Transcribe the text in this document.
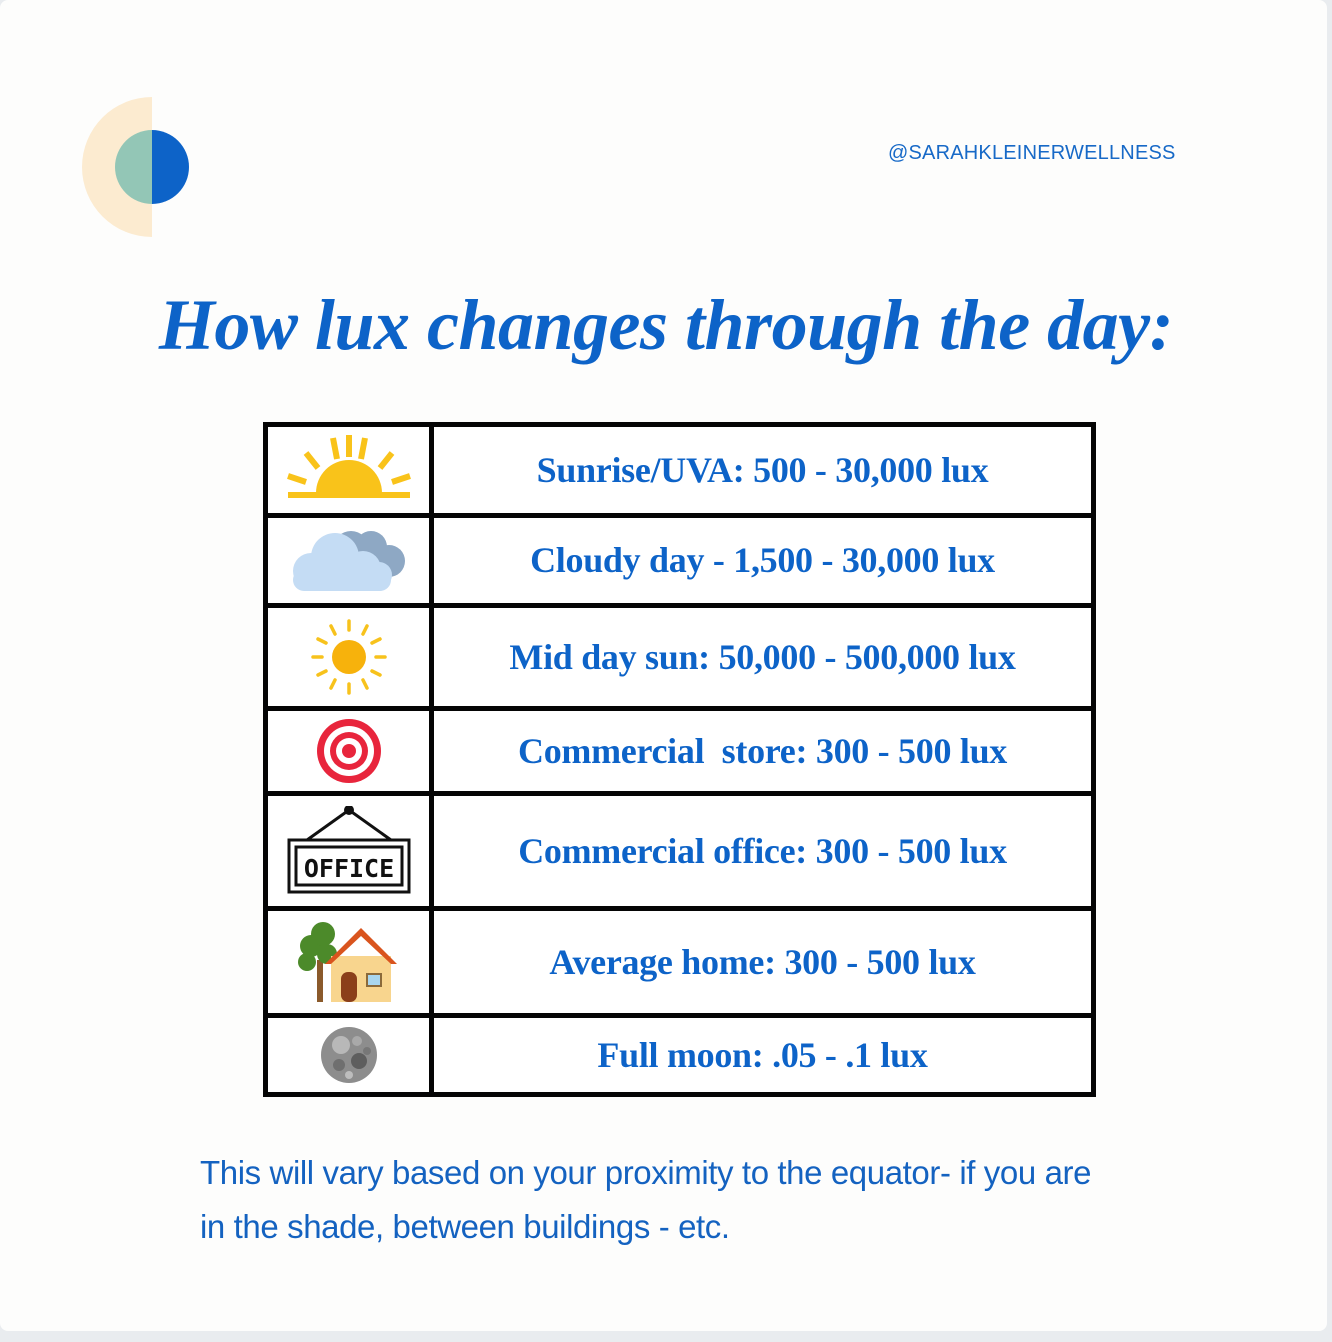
@SARAHKLEINERWELLNESS
How lux changes through the day:
	Sunrise/UVA: 500 - 30,000 lux

	Cloudy day - 1,500 - 30,000 lux

	Mid day sun: 50,000 - 500,000 lux

	Commercial  store: 300 - 500 lux

OFFICE	Commercial office: 300 - 500 lux

	Average home: 300 - 500 lux

	Full moon: .05 - .1 lux
This will vary based on your proximity to the equator- if you are
in the shade, between buildings - etc.
